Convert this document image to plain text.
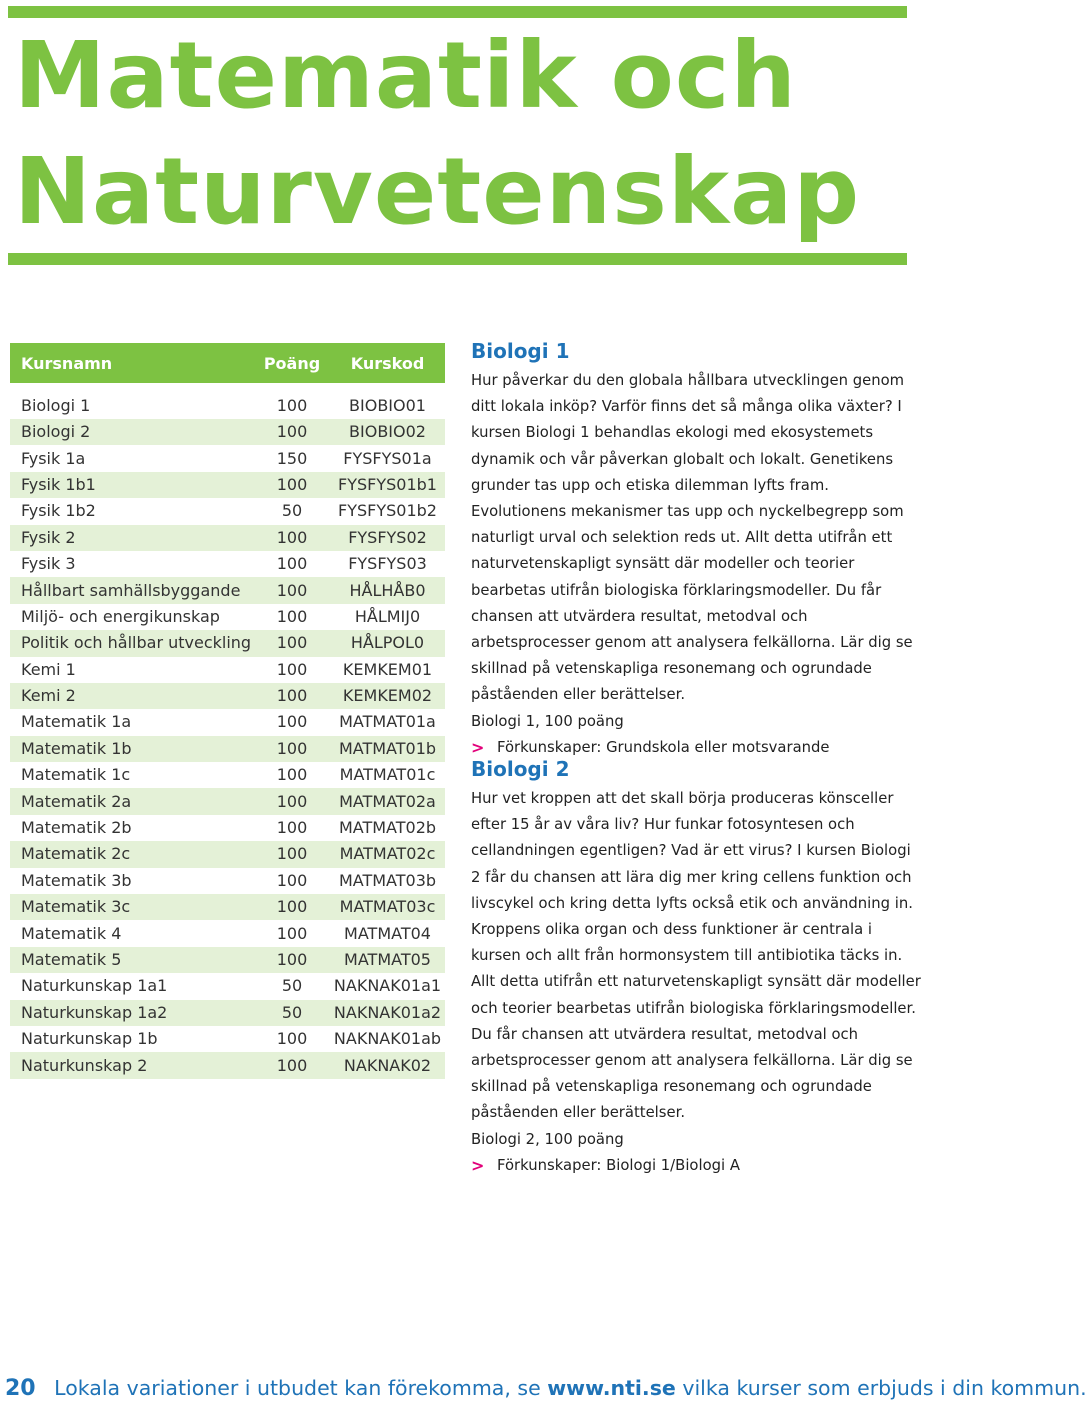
Matematik och
Naturvetenskap
Kursnamn	Poäng	Kurskod
Biologi 1	100	BIOBIO01
Biologi 2	100	BIOBIO02
Fysik 1a	150	FYSFYS01a
Fysik 1b1	100	FYSFYS01b1
Fysik 1b2	50	FYSFYS01b2
Fysik 2	100	FYSFYS02
Fysik 3	100	FYSFYS03
Hållbart samhällsbyggande	100	HÅLHÅB0
Miljö- och energikunskap	100	HÅLMIJ0
Politik och hållbar utveckling	100	HÅLPOL0
Kemi 1	100	KEMKEM01
Kemi 2	100	KEMKEM02
Matematik 1a	100	MATMAT01a
Matematik 1b	100	MATMAT01b
Matematik 1c	100	MATMAT01c
Matematik 2a	100	MATMAT02a
Matematik 2b	100	MATMAT02b
Matematik 2c	100	MATMAT02c
Matematik 3b	100	MATMAT03b
Matematik 3c	100	MATMAT03c
Matematik 4	100	MATMAT04
Matematik 5	100	MATMAT05
Naturkunskap 1a1	50	NAKNAK01a1
Naturkunskap 1a2	50	NAKNAK01a2
Naturkunskap 1b	100	NAKNAK01ab
Naturkunskap 2	100	NAKNAK02
Biologi 1

Hur påverkar du den globala hållbara utvecklingen genom ditt lokala inköp? Varför finns det så många olika växter? I kursen Biologi 1 behandlas ekologi med ekosystemets dynamik och vår påverkan globalt och lokalt. Genetikens grunder tas upp och etiska dilemman lyfts fram. Evolutionens mekanismer tas upp och nyckelbegrepp som naturligt urval och selektion reds ut. Allt detta utifrån ett naturvetenskapligt synsätt där modeller och teorier bearbetas utifrån biologiska förklaringsmodeller. Du får chansen att utvärdera resultat, metodval och arbetsprocesser genom att analysera felkällorna. Lär dig se skillnad på vetenskapliga resonemang och ogrundade påståenden eller berättelser.

Biologi 1, 100 poäng

> Förkunskaper: Grundskola eller motsvarande

Biologi 2

Hur vet kroppen att det skall börja produceras könsceller efter 15 år av våra liv? Hur funkar fotosyntesen och cellandningen egentligen? Vad är ett virus? I kursen Biologi 2 får du chansen att lära dig mer kring cellens funktion och livscykel och kring detta lyfts också etik och användning in. Kroppens olika organ och dess funktioner är centrala i kursen och allt från hormonsystem till antibiotika täcks in. Allt detta utifrån ett naturvetenskapligt synsätt där modeller och teorier bearbetas utifrån biologiska förklaringsmodeller. Du får chansen att utvärdera resultat, metodval och arbetsprocesser genom att analysera felkällorna. Lär dig se skillnad på vetenskapliga resonemang och ogrundade påståenden eller berättelser.

Biologi 2, 100 poäng

> Förkunskaper: Biologi 1/Biologi A

20 Lokala variationer i utbudet kan förekomma, se www.nti.se vilka kurser som erbjuds i din kommun.
